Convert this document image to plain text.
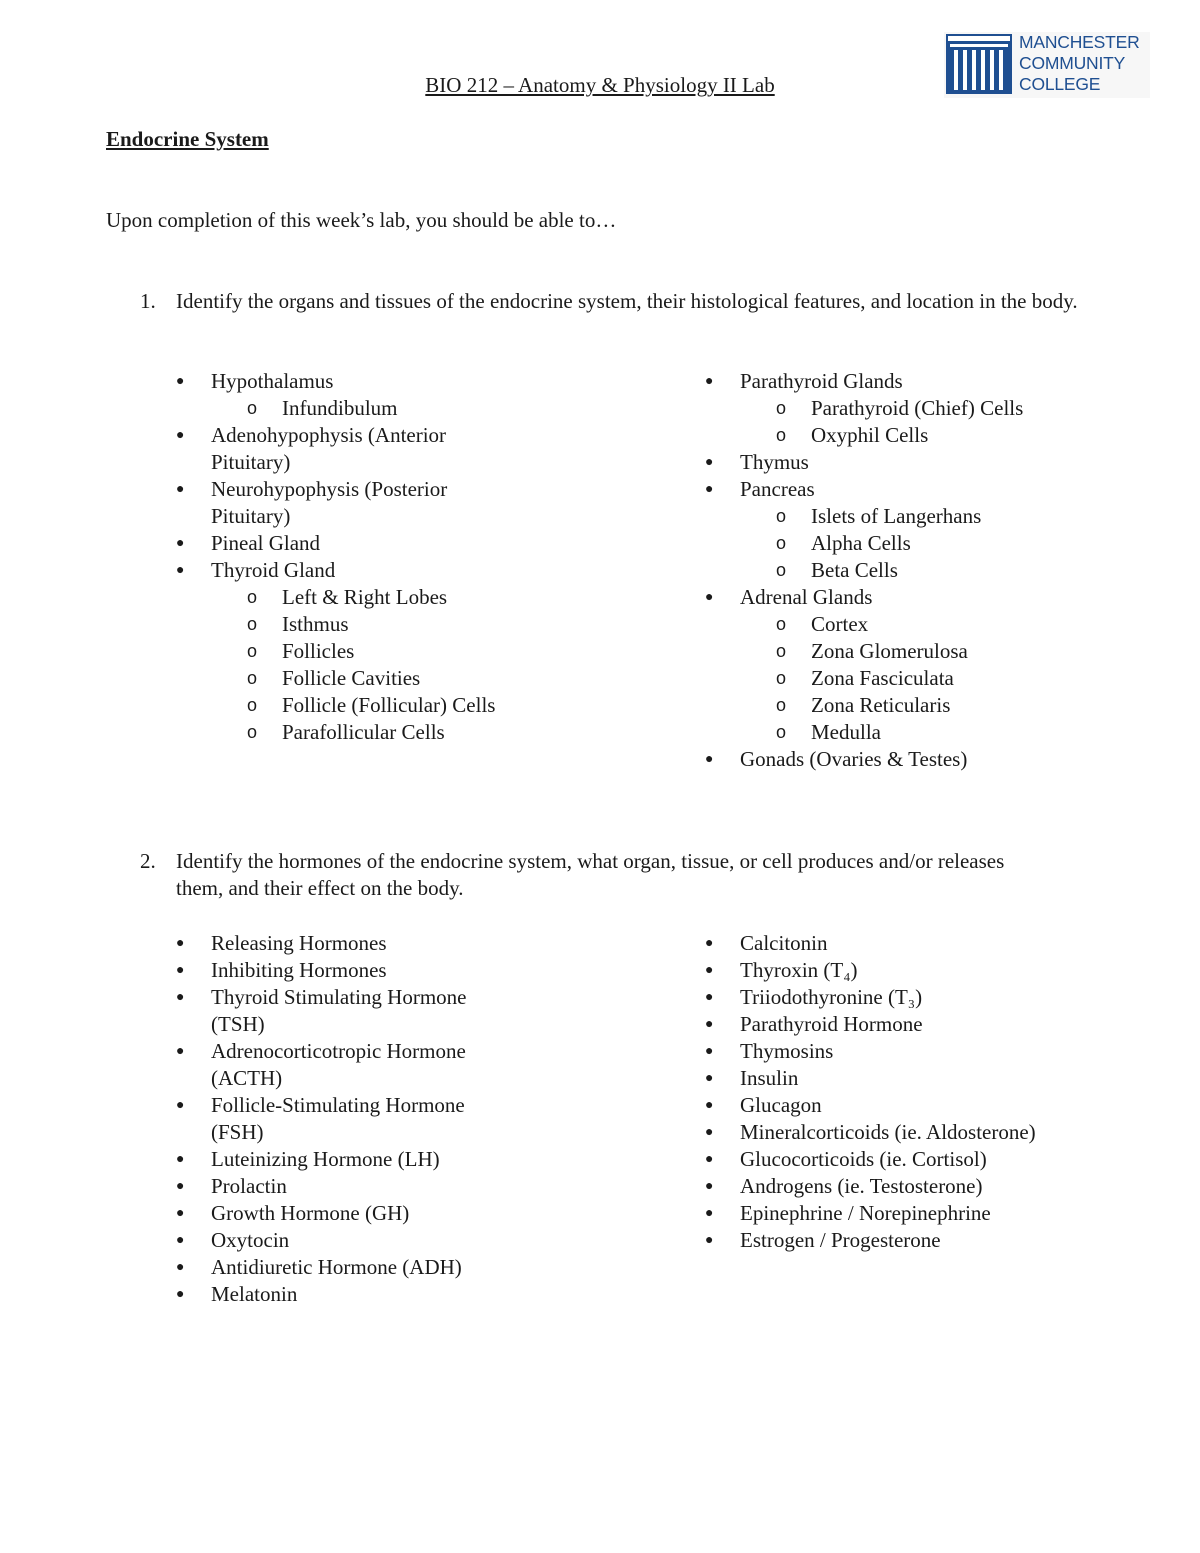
MANCHESTER
COMMUNITY
COLLEGE
BIO 212 – Anatomy & Physiology II Lab
Endocrine System
Upon completion of this week’s lab, you should be able to…
1. Identify the organs and tissues of the endocrine system, their histological features, and location in the body.
● Hypothalamus
o Infundibulum
● Adenohypophysis (Anterior Pituitary)
● Neurohypophysis (Posterior Pituitary)
● Pineal Gland
● Thyroid Gland
o Left & Right Lobes
o Isthmus
o Follicles
o Follicle Cavities
o Follicle (Follicular) Cells
o Parafollicular Cells
● Parathyroid Glands
o Parathyroid (Chief) Cells
o Oxyphil Cells
● Thymus
● Pancreas
o Islets of Langerhans
o Alpha Cells
o Beta Cells
● Adrenal Glands
o Cortex
o Zona Glomerulosa
o Zona Fasciculata
o Zona Reticularis
o Medulla
● Gonads (Ovaries & Testes)
2. Identify the hormones of the endocrine system, what organ, tissue, or cell produces and/or releases them, and their effect on the body.
● Releasing Hormones
● Inhibiting Hormones
● Thyroid Stimulating Hormone (TSH)
● Adrenocorticotropic Hormone (ACTH)
● Follicle-Stimulating Hormone (FSH)
● Luteinizing Hormone (LH)
● Prolactin
● Growth Hormone (GH)
● Oxytocin
● Antidiuretic Hormone (ADH)
● Melatonin
● Calcitonin
● Thyroxin (T₄)
● Triiodothyronine (T₃)
● Parathyroid Hormone
● Thymosins
● Insulin
● Glucagon
● Mineralcorticoids (ie. Aldosterone)
● Glucocorticoids (ie. Cortisol)
● Androgens (ie. Testosterone)
● Epinephrine / Norepinephrine
● Estrogen / Progesterone
